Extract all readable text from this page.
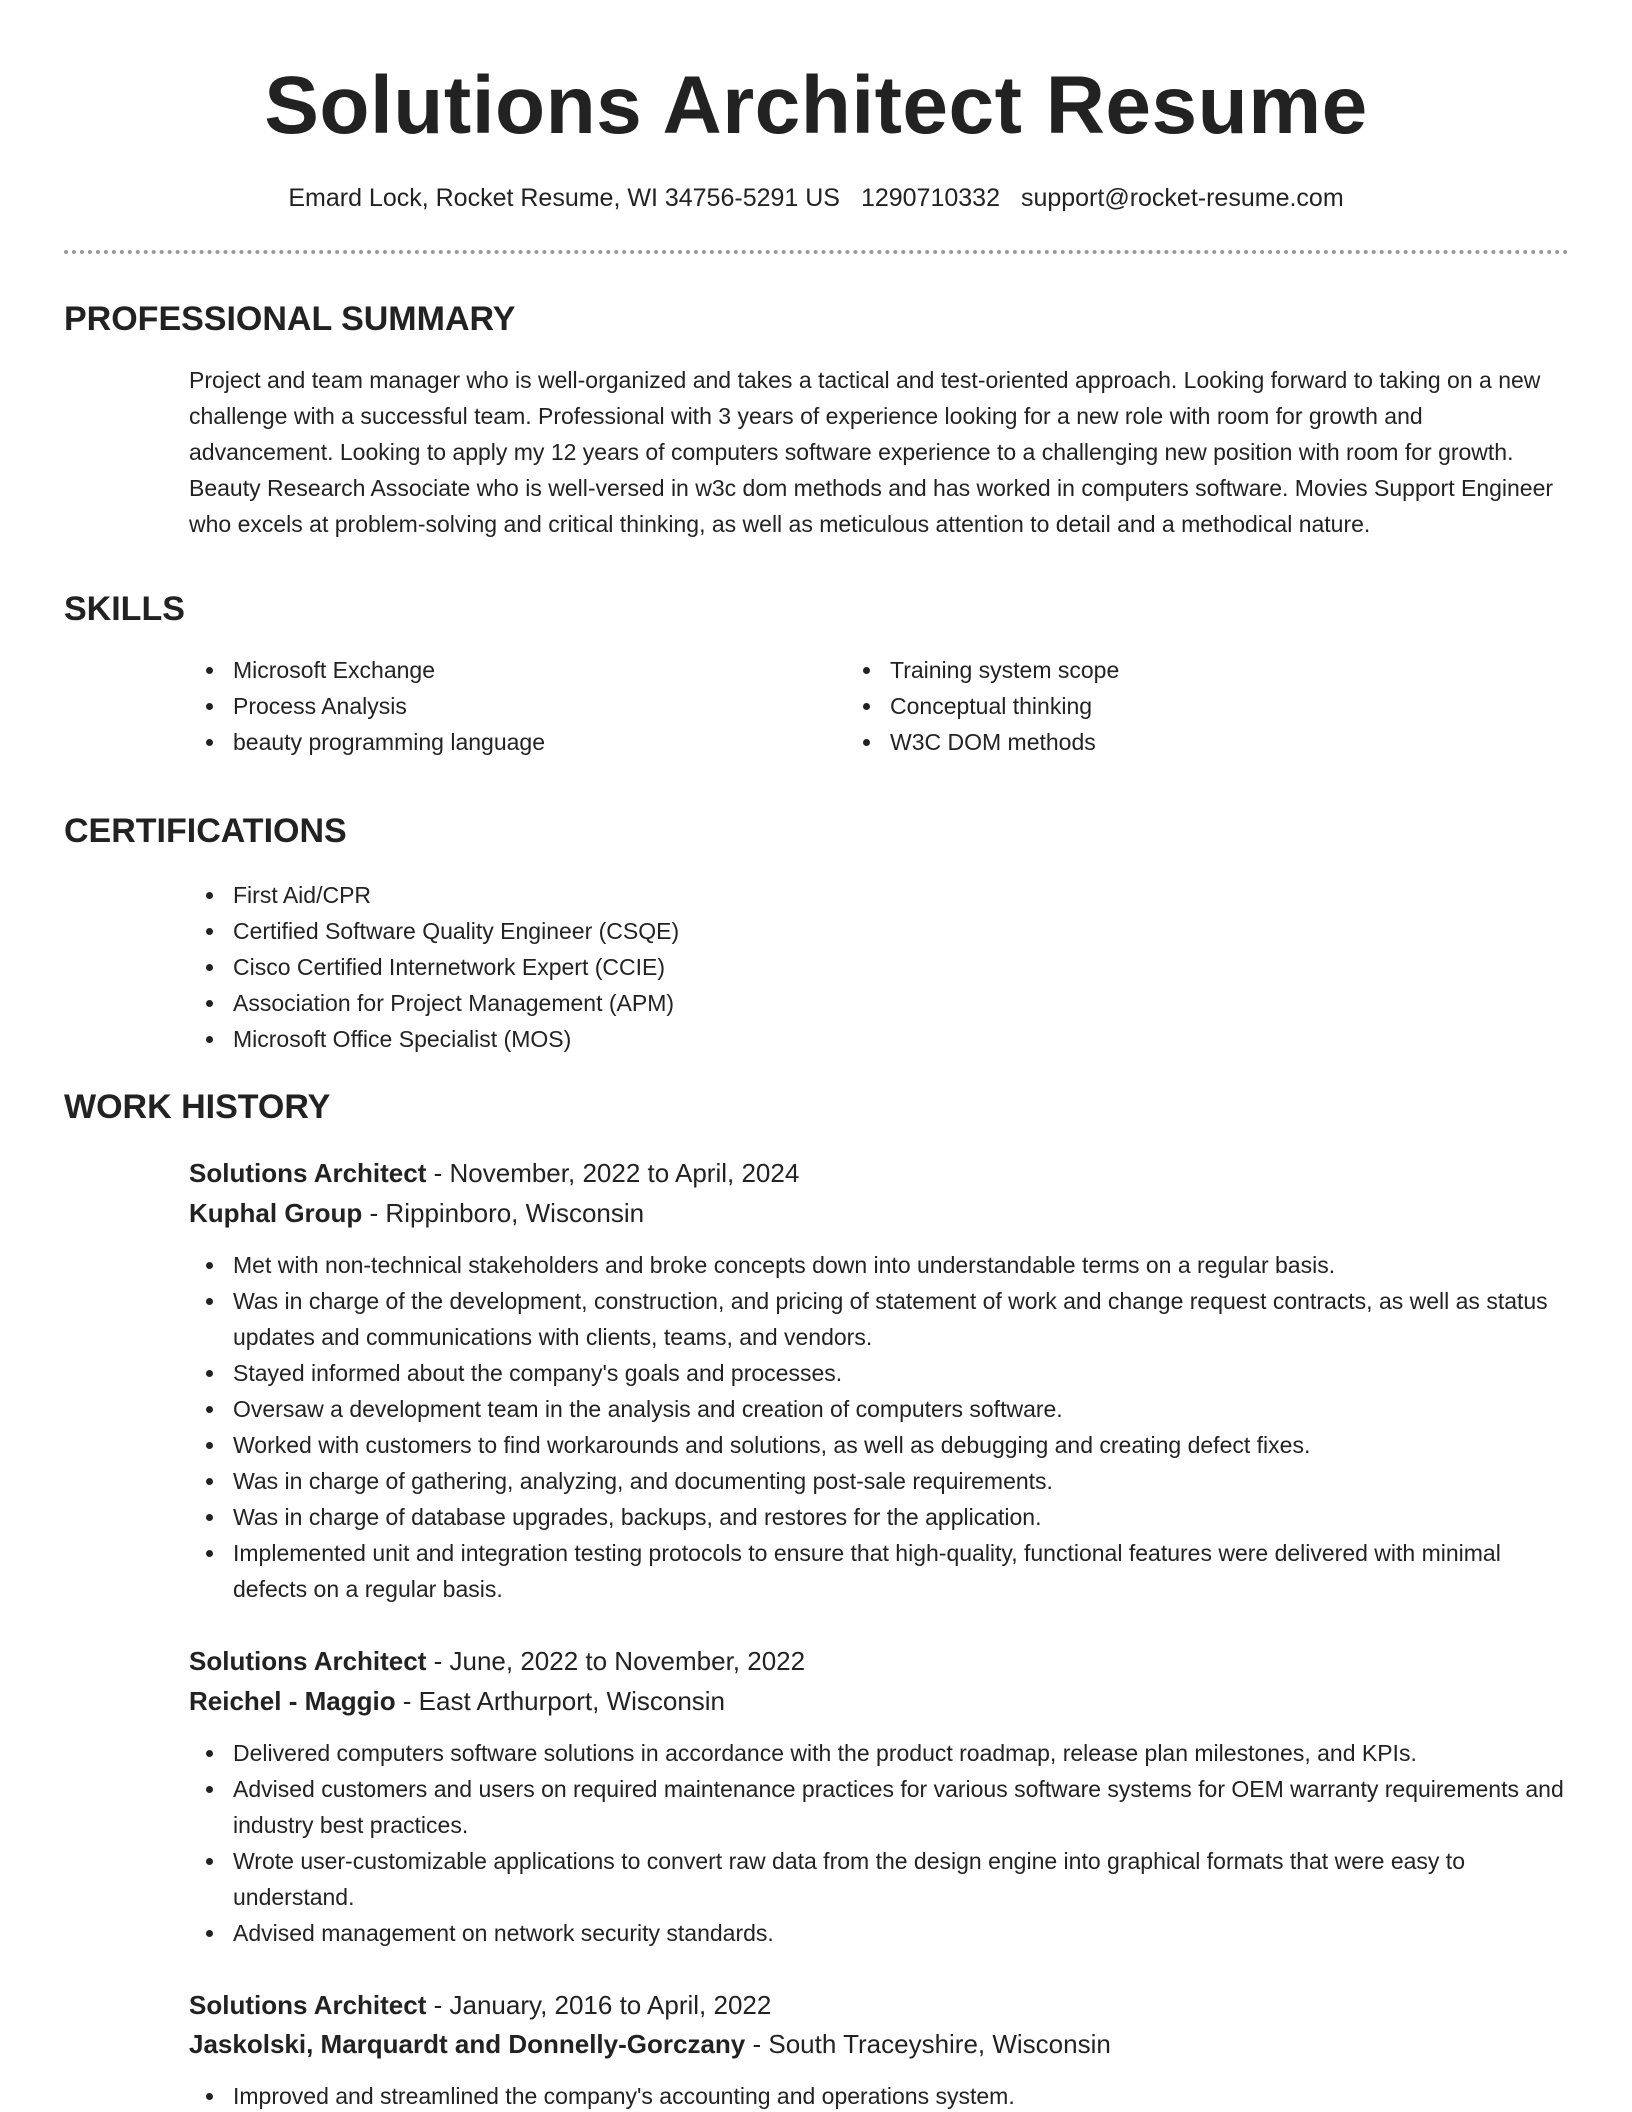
Solutions Architect Resume
Emard Lock, Rocket Resume, WI 34756-5291 US 1290710332 support@rocket-resume.com
PROFESSIONAL SUMMARY

Project and team manager who is well-organized and takes a tactical and test-oriented approach. Looking forward to taking on a new challenge with a successful team. Professional with 3 years of experience looking for a new role with room for growth and advancement. Looking to apply my 12 years of computers software experience to a challenging new position with room for growth. Beauty Research Associate who is well-versed in w3c dom methods and has worked in computers software. Movies Support Engineer who excels at problem-solving and critical thinking, as well as meticulous attention to detail and a methodical nature.

SKILLS
Microsoft Exchange
Process Analysis
beauty programming language
Training system scope
Conceptual thinking
W3C DOM methods
CERTIFICATIONS
First Aid/CPR
Certified Software Quality Engineer (CSQE)
Cisco Certified Internetwork Expert (CCIE)
Association for Project Management (APM)
Microsoft Office Specialist (MOS)
WORK HISTORY
Solutions Architect - November, 2022 to April, 2024
Kuphal Group - Rippinboro, Wisconsin
Met with non-technical stakeholders and broke concepts down into understandable terms on a regular basis.
Was in charge of the development, construction, and pricing of statement of work and change request contracts, as well as status updates and communications with clients, teams, and vendors.
Stayed informed about the company's goals and processes.
Oversaw a development team in the analysis and creation of computers software.
Worked with customers to find workarounds and solutions, as well as debugging and creating defect fixes.
Was in charge of gathering, analyzing, and documenting post-sale requirements.
Was in charge of database upgrades, backups, and restores for the application.
Implemented unit and integration testing protocols to ensure that high-quality, functional features were delivered with minimal defects on a regular basis.
Solutions Architect - June, 2022 to November, 2022
Reichel - Maggio - East Arthurport, Wisconsin
Delivered computers software solutions in accordance with the product roadmap, release plan milestones, and KPIs.
Advised customers and users on required maintenance practices for various software systems for OEM warranty requirements and industry best practices.
Wrote user-customizable applications to convert raw data from the design engine into graphical formats that were easy to understand.
Advised management on network security standards.
Solutions Architect - January, 2016 to April, 2022
Jaskolski, Marquardt and Donnelly-Gorczany - South Traceyshire, Wisconsin
Improved and streamlined the company's accounting and operations system.
